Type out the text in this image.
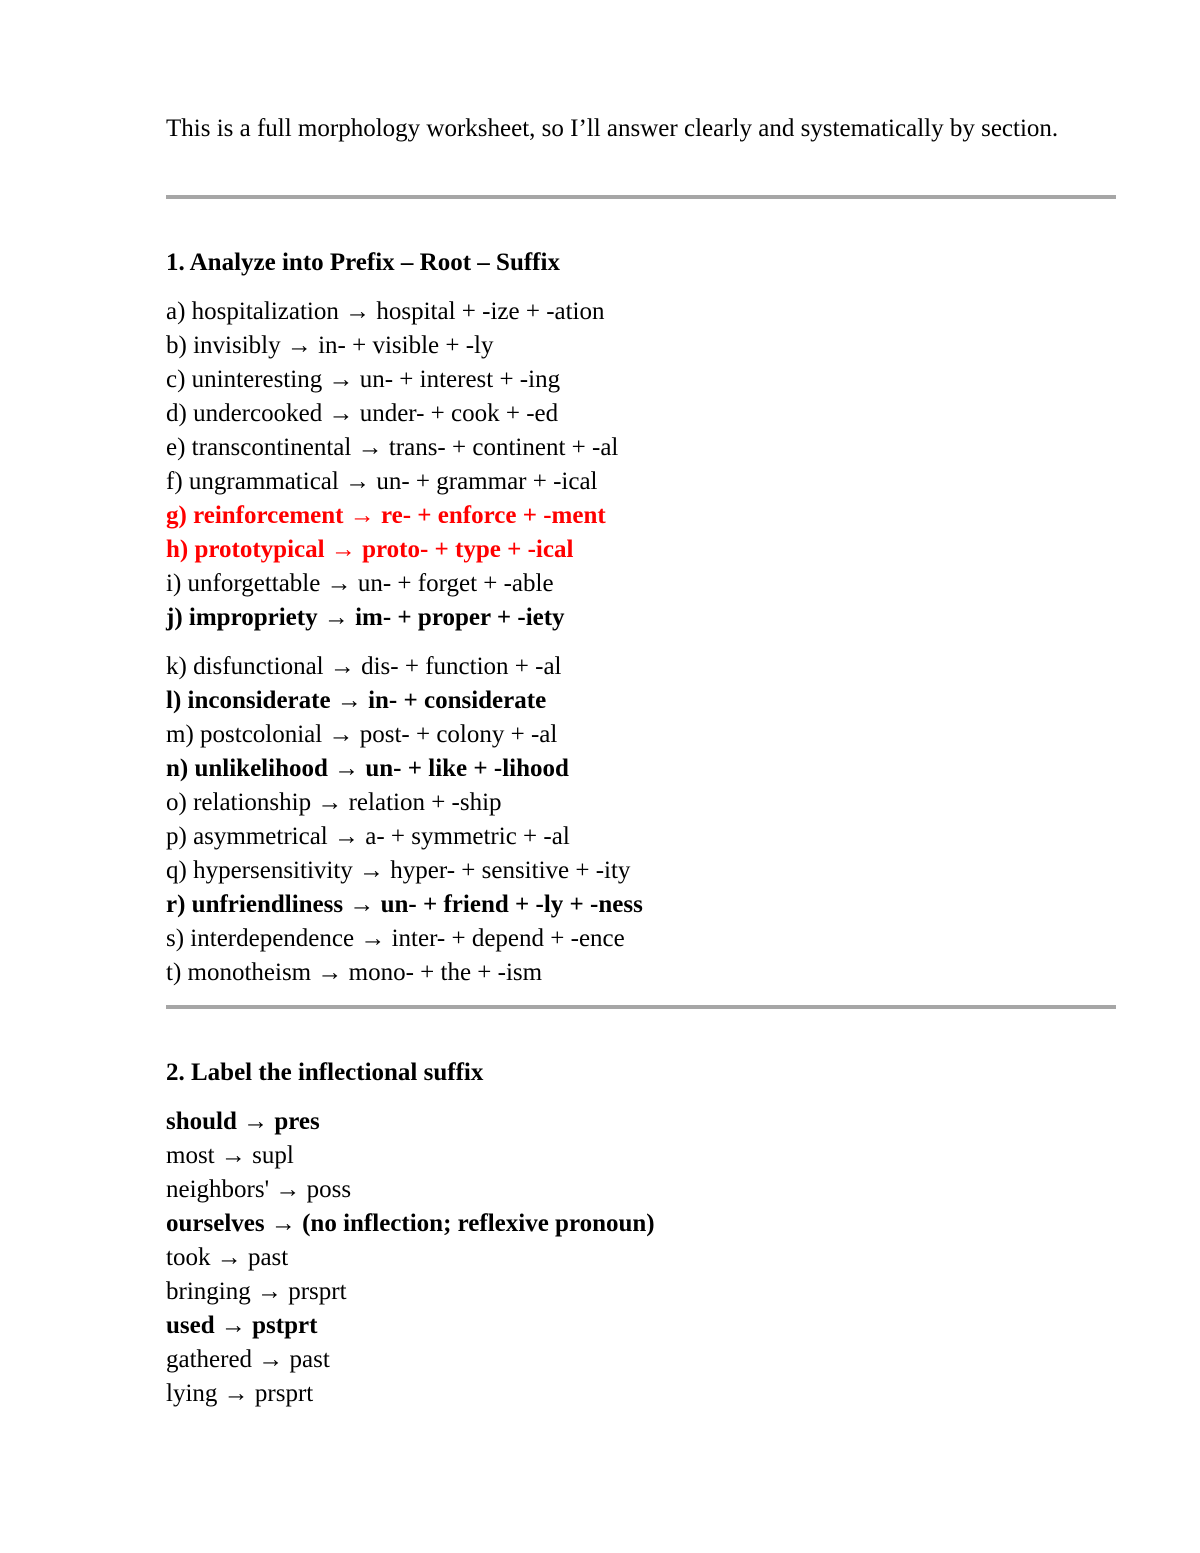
This is a full morphology worksheet, so I’ll answer clearly and systematically by section.

1. Analyze into Prefix – Root – Suffix
a) hospitalization → hospital + -ize + -ation
b) invisibly → in- + visible + -ly
c) uninteresting → un- + interest + -ing
d) undercooked → under- + cook + -ed
e) transcontinental → trans- + continent + -al
f) ungrammatical → un- + grammar + -ical
g) reinforcement → re- + enforce + -ment
h) prototypical → proto- + type + -ical
i) unforgettable → un- + forget + -able
j) impropriety → im- + proper + -iety
k) disfunctional → dis- + function + -al
l) inconsiderate → in- + considerate
m) postcolonial → post- + colony + -al
n) unlikelihood → un- + like + -lihood
o) relationship → relation + -ship
p) asymmetrical → a- + symmetric + -al
q) hypersensitivity → hyper- + sensitive + -ity
r) unfriendliness → un- + friend + -ly + -ness
s) interdependence → inter- + depend + -ence
t) monotheism → mono- + the + -ism
2. Label the inflectional suffix
should → pres
most → supl
neighbors' → poss
ourselves → (no inflection; reflexive pronoun)
took → past
bringing → prsprt
used → pstprt
gathered → past
lying → prsprt
